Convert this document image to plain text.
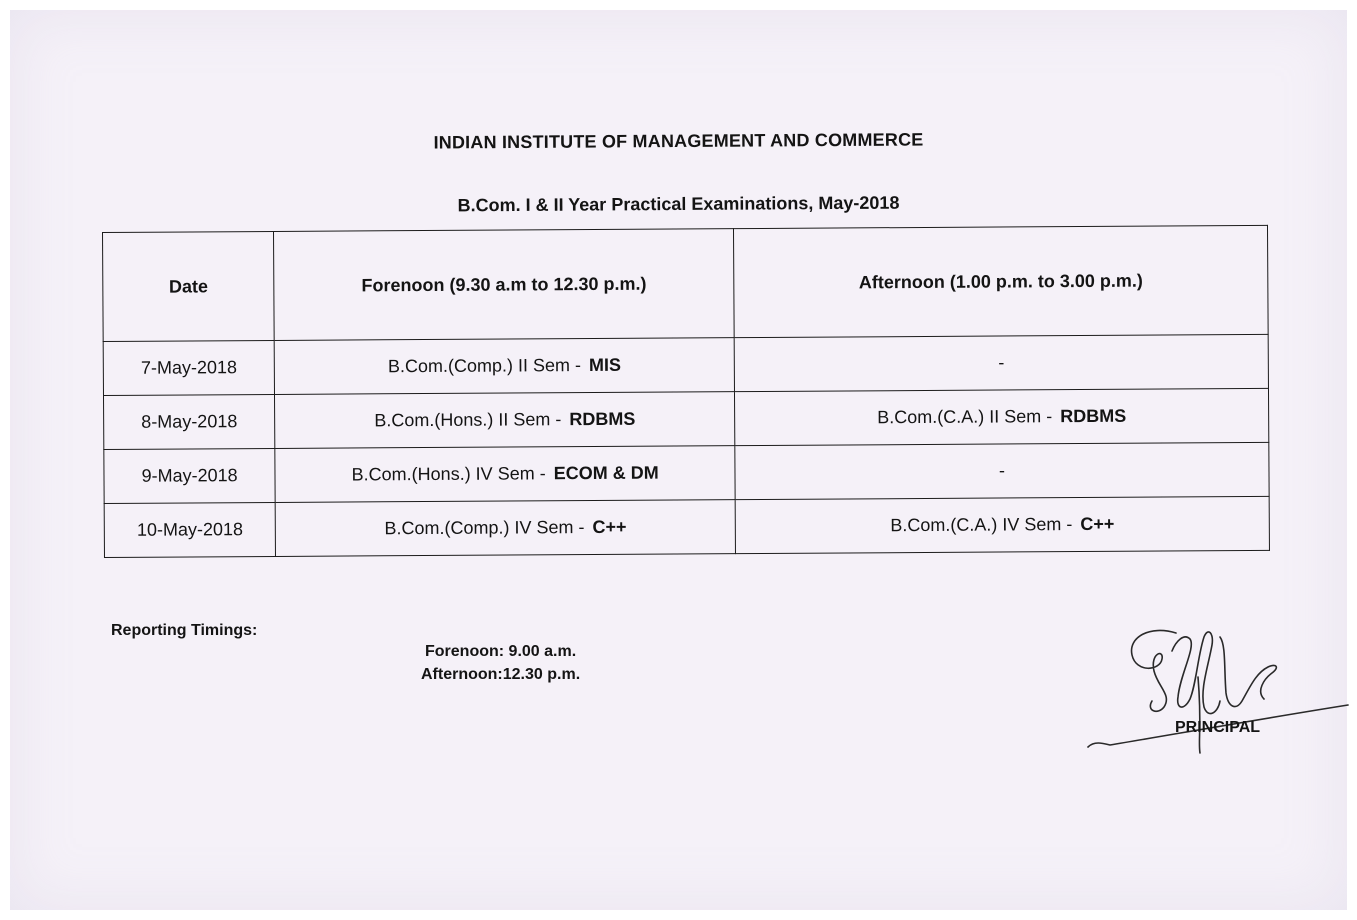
INDIAN INSTITUTE OF MANAGEMENT AND COMMERCE
B.Com. I & II Year Practical Examinations, May-2018
Date	Forenoon (9.30 a.m to 12.30 p.m.)	Afternoon (1.00 p.m. to 3.00 p.m.)
7-May-2018	B.Com.(Comp.) II Sem - MIS	-
8-May-2018	B.Com.(Hons.) II Sem - RDBMS	B.Com.(C.A.) II Sem - RDBMS
9-May-2018	B.Com.(Hons.) IV Sem - ECOM & DM	-
10-May-2018	B.Com.(Comp.) IV Sem - C++	B.Com.(C.A.) IV Sem - C++
Reporting Timings:
Forenoon: 9.00 a.m.
Afternoon:12.30 p.m.
PRINCIPAL
